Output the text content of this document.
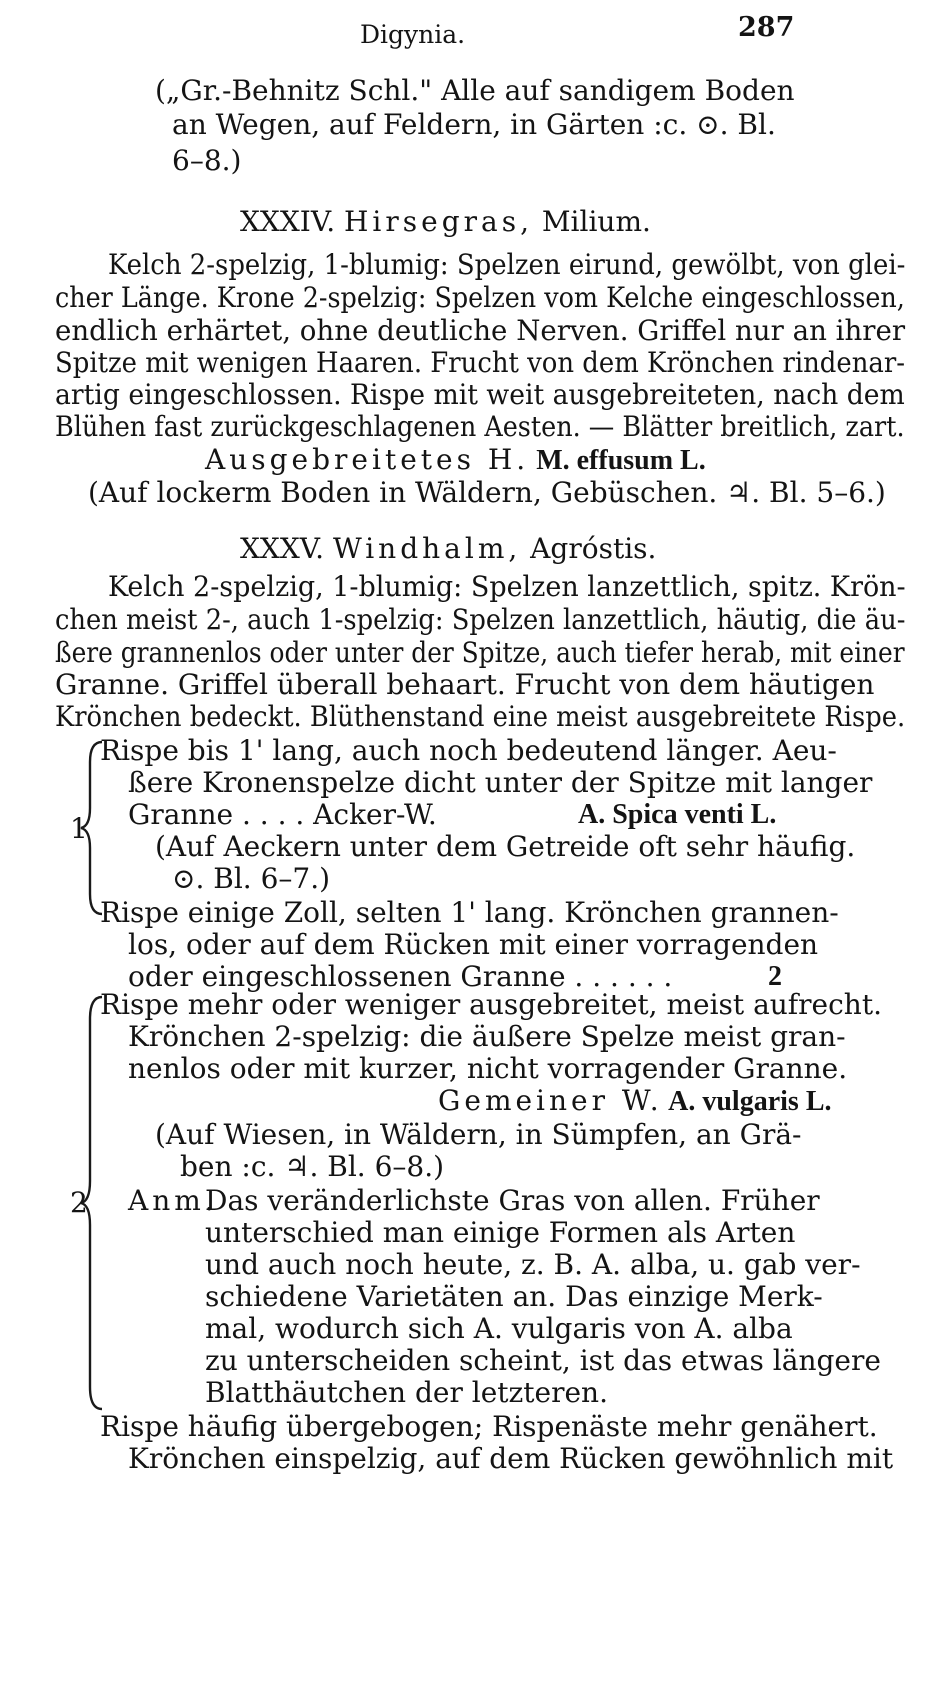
Digynia.	287
(„Gr.-Behnitz Schl." Alle auf sandigem Boden
an Wegen, auf Feldern, in Gärten :c. ⊙. Bl.
6–8.)
XXXIV. Hirsegras, Milium.
Kelch 2-spelzig, 1-blumig: Spelzen eirund, gewölbt, von glei-
cher Länge. Krone 2-spelzig: Spelzen vom Kelche eingeschlossen,
endlich erhärtet, ohne deutliche Nerven. Griffel nur an ihrer
Spitze mit wenigen Haaren. Frucht von dem Krönchen rindenar-
artig eingeschlossen. Rispe mit weit ausgebreiteten, nach dem
Blühen fast zurückgeschlagenen Aesten. — Blätter breitlich, zart.
Ausgebreitetes H. M. effusum L.
(Auf lockerm Boden in Wäldern, Gebüschen. ♃. Bl. 5–6.)
XXXV. Windhalm, Agróstis.
Kelch 2-spelzig, 1-blumig: Spelzen lanzettlich, spitz. Krön-
chen meist 2-, auch 1-spelzig: Spelzen lanzettlich, häutig, die äu-
ßere grannenlos oder unter der Spitze, auch tiefer herab, mit einer
Granne. Griffel überall behaart. Frucht von dem häutigen
Krönchen bedeckt. Blüthenstand eine meist ausgebreitete Rispe.
1
Rispe bis 1' lang, auch noch bedeutend länger. Aeu-
ßere Kronenspelze dicht unter der Spitze mit langer
Granne . . . . Acker-W.	A. Spica venti L.
(Auf Aeckern unter dem Getreide oft sehr häufig.
⊙. Bl. 6–7.)
Rispe einige Zoll, selten 1' lang. Krönchen grannen-
los, oder auf dem Rücken mit einer vorragenden
oder eingeschlossenen Granne . . . . . .	2
2
Rispe mehr oder weniger ausgebreitet, meist aufrecht.
Krönchen 2-spelzig: die äußere Spelze meist gran-
nenlos oder mit kurzer, nicht vorragender Granne.
Gemeiner W. A. vulgaris L.
(Auf Wiesen, in Wäldern, in Sümpfen, an Grä-
ben :c. ♃. Bl. 6–8.)
Anm.
Das veränderlichste Gras von allen. Früher
unterschied man einige Formen als Arten
und auch noch heute, z. B. A. alba, u. gab ver-
schiedene Varietäten an. Das einzige Merk-
mal, wodurch sich A. vulgaris von A. alba
zu unterscheiden scheint, ist das etwas längere
Blatthäutchen der letzteren.
Rispe häufig übergebogen; Rispenäste mehr genähert.
Krönchen einspelzig, auf dem Rücken gewöhnlich mit
